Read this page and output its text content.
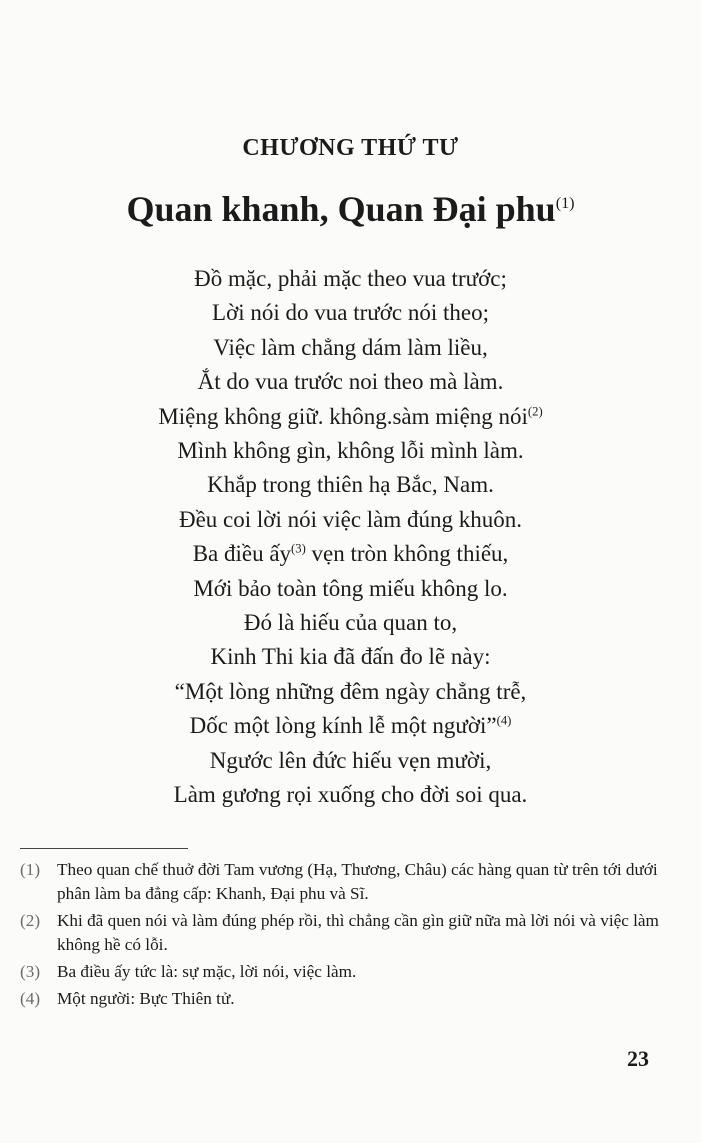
CHƯƠNG THỨ TƯ
Quan khanh, Quan Đại phu$^{(1)}$
Đồ mặc, phải mặc theo vua trước;
Lời nói do vua trước nói theo;
Việc làm chẳng dám làm liều,
Ắt do vua trước noi theo mà làm.
Miệng không giữ. không.sàm miệng nói$^{(2)}$
Mình không gìn, không lỗi mình làm.
Khắp trong thiên hạ Bắc, Nam.
Đều coi lời nói việc làm đúng khuôn.
Ba điều ấy$^{(3)}$ vẹn tròn không thiếu,
Mới bảo toàn tông miếu không lo.
Đó là hiếu của quan to,
Kinh Thi kia đã đấn đo lẽ này:
“Một lòng những đêm ngày chẳng trễ,
Dốc một lòng kính lễ một người”$^{(4)}$
Ngước lên đức hiếu vẹn mười,
Làm gương rọi xuống cho đời soi qua.
(1) Theo quan chế thuở đời Tam vương (Hạ, Thương, Châu) các hàng quan từ trên tới dưới phân làm ba đẳng cấp: Khanh, Đại phu và Sĩ.
(2) Khi đã quen nói và làm đúng phép rồi, thì chẳng cần gìn giữ nữa mà lời nói và việc làm không hề có lỗi.
(3) Ba điều ấy tức là: sự mặc, lời nói, việc làm.
(4) Một người: Bực Thiên tử.
23
